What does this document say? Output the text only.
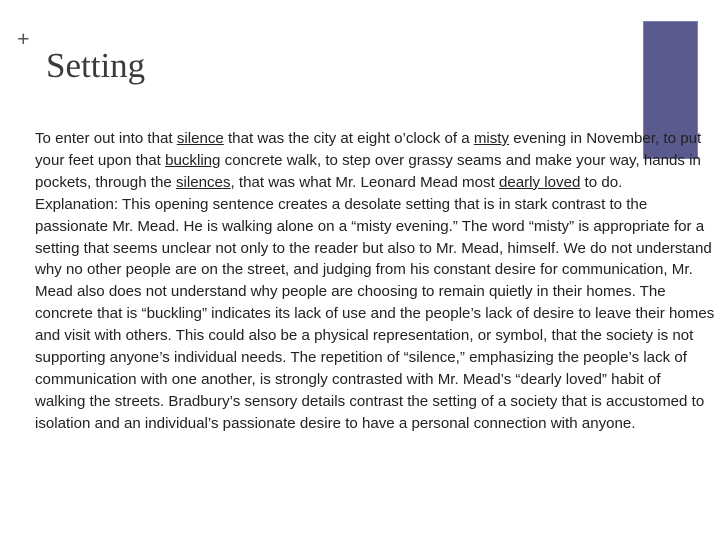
+
Setting
To enter out into that silence that was the city at eight o’clock of a misty evening in November, to put your feet upon that buckling concrete walk, to step over grassy seams and make your way, hands in pockets, through the silences, that was what Mr. Leonard Mead most dearly loved to do.
Explanation: This opening sentence creates a desolate setting that is in stark contrast to the passionate Mr. Mead. He is walking alone on a “misty evening.” The word “misty” is appropriate for a setting that seems unclear not only to the reader but also to Mr. Mead, himself. We do not understand why no other people are on the street, and judging from his constant desire for communication, Mr. Mead also does not understand why people are choosing to remain quietly in their homes. The concrete that is “buckling” indicates its lack of use and the people’s lack of desire to leave their homes and visit with others. This could also be a physical representation, or symbol, that the society is not supporting anyone’s individual needs. The repetition of “silence,” emphasizing the people’s lack of communication with one another, is strongly contrasted with Mr. Mead’s “dearly loved” habit of walking the streets. Bradbury’s sensory details contrast the setting of a society that is accustomed to isolation and an individual’s passionate desire to have a personal connection with anyone.
